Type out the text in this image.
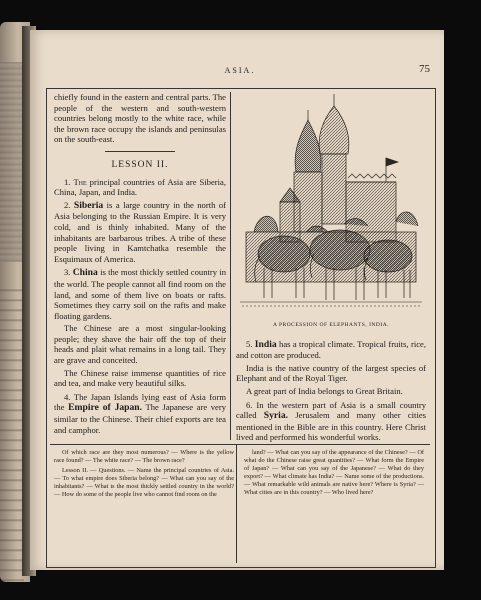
ASIA.	75

chiefly found in the eastern and central parts. The people of the western and south-western countries belong mostly to the white race, while the brown race occupy the islands and peninsulas on the south-east.

LESSON II.

1. The principal countries of Asia are Siberia, China, Japan, and India.

2. Siberia is a large country in the north of Asia belonging to the Russian Empire. It is very cold, and is thinly inhabited. Many of the inhabitants are barbarous tribes. A tribe of these people living in Kamtchatka resemble the Esquimaux of America.

3. China is the most thickly settled country in the world. The people cannot all find room on the land, and some of them live on boats or rafts. Sometimes they carry soil on the rafts and make floating gardens.

The Chinese are a most singular-looking people; they shave the hair off the top of their heads and plait what remains in a long tail. They are grave and conceited.

The Chinese raise immense quantities of rice and tea, and make very beautiful silks.

4. The Japan Islands lying east of Asia form the Empire of Japan. The Japanese are very similar to the Chinese. Their chief exports are tea and camphor.

A PROCESSION OF ELEPHANTS, INDIA.

5. India has a tropical climate. Tropical fruits, rice, and cotton are produced.

India is the native country of the largest species of Elephant and of the Royal Tiger.

A great part of India belongs to Great Britain.

6. In the western part of Asia is a small country called Syria. Jerusalem and many other cities mentioned in the Bible are in this country. Here Christ lived and performed his wonderful works.

Of which race are they most numerous? — Where is the yellow race found? — The white race? — The brown race?

Lesson II. — Questions. — Name the principal countries of Asia. — To what empire does Siberia belong? — What can you say of the inhabitants? — What is the most thickly settled country in the world? — How do some of the people live who cannot find room on the

land? — What can you say of the appearance of the Chinese? — Of what do the Chinese raise great quantities? — What form the Empire of Japan? — What can you say of the Japanese? — What do they export? — What climate has India? — Name some of the productions. — What remarkable wild animals are native here? Where is Syria? — What cities are in this country? — Who lived here?
